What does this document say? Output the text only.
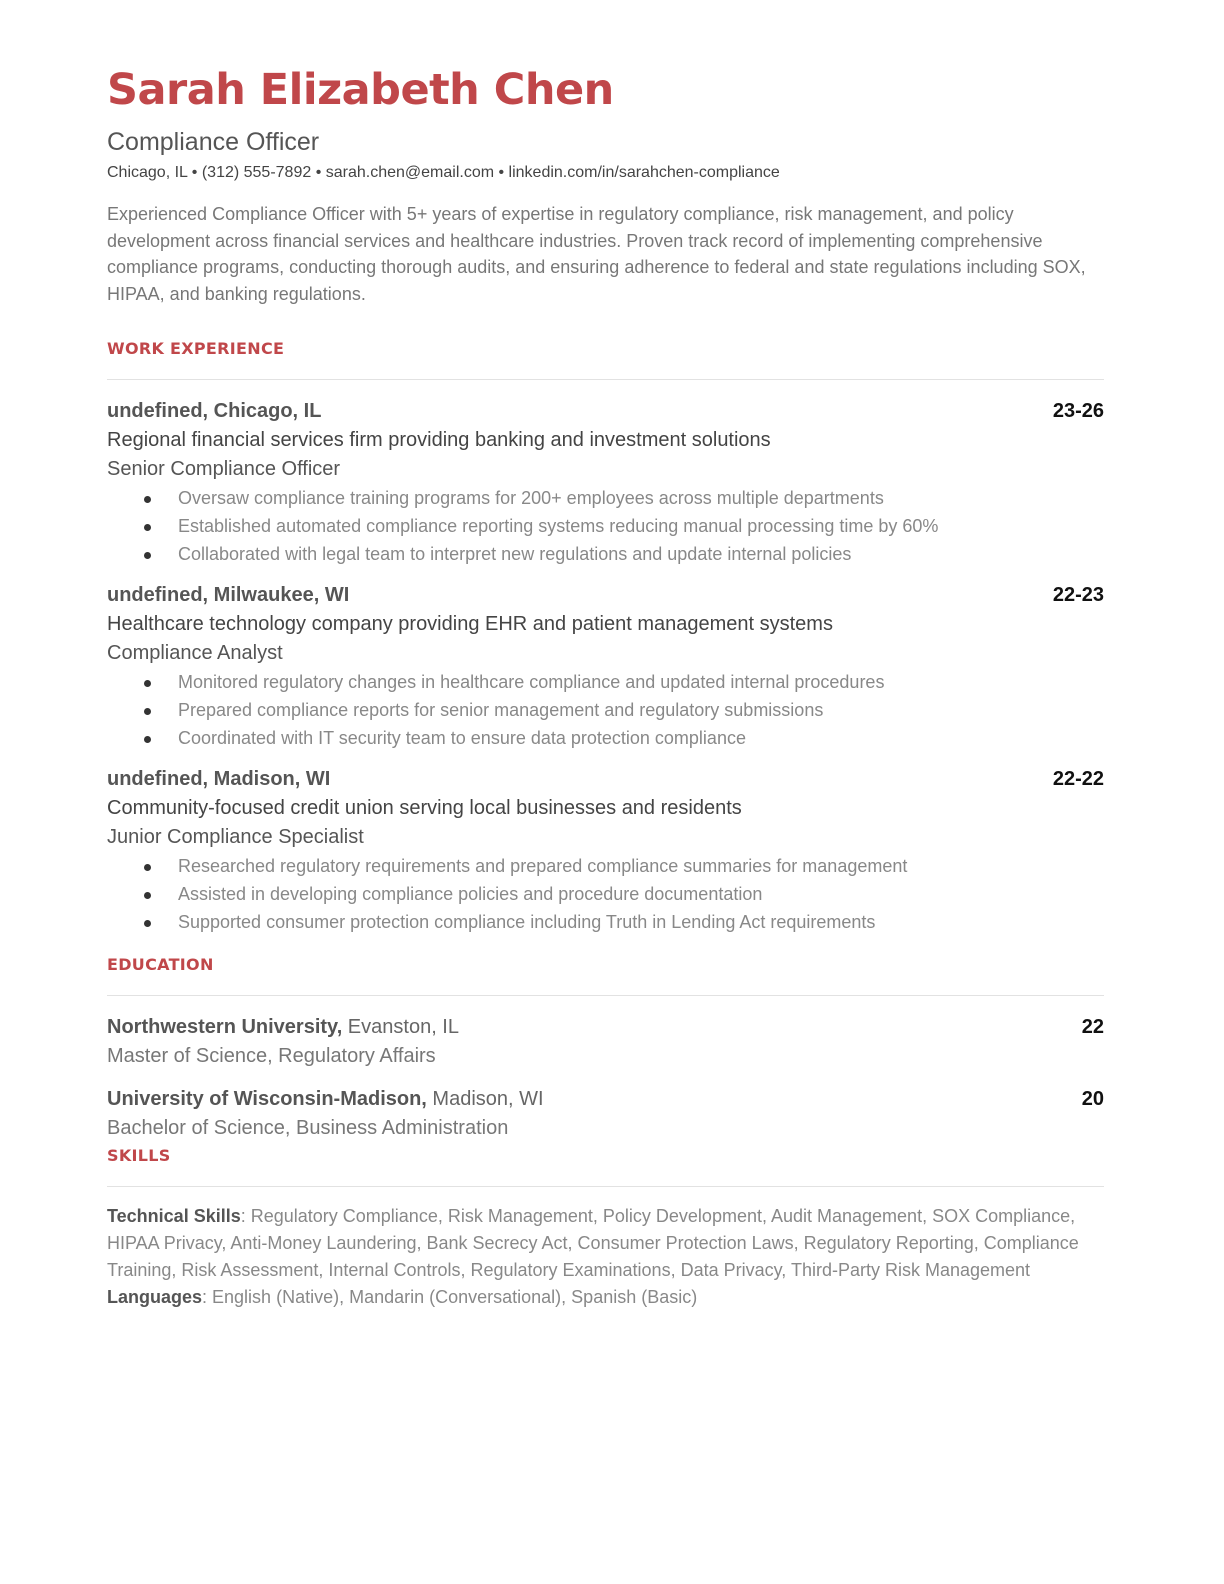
Sarah Elizabeth Chen
Compliance Officer
Chicago, IL • (312) 555-7892 • sarah.chen@email.com • linkedin.com/in/sarahchen-compliance
Experienced Compliance Officer with 5+ years of expertise in regulatory compliance, risk management, and policy development across financial services and healthcare industries. Proven track record of implementing comprehensive compliance programs, conducting thorough audits, and ensuring adherence to federal and state regulations including SOX, HIPAA, and banking regulations.
WORK EXPERIENCE
undefined, Chicago, IL	23-26
Regional financial services firm providing banking and investment solutions
Senior Compliance Officer
Oversaw compliance training programs for 200+ employees across multiple departments
Established automated compliance reporting systems reducing manual processing time by 60%
Collaborated with legal team to interpret new regulations and update internal policies
undefined, Milwaukee, WI	22-23
Healthcare technology company providing EHR and patient management systems
Compliance Analyst
Monitored regulatory changes in healthcare compliance and updated internal procedures
Prepared compliance reports for senior management and regulatory submissions
Coordinated with IT security team to ensure data protection compliance
undefined, Madison, WI	22-22
Community-focused credit union serving local businesses and residents
Junior Compliance Specialist
Researched regulatory requirements and prepared compliance summaries for management
Assisted in developing compliance policies and procedure documentation
Supported consumer protection compliance including Truth in Lending Act requirements
EDUCATION
Northwestern University, Evanston, IL	22
Master of Science, Regulatory Affairs
University of Wisconsin-Madison, Madison, WI	20
Bachelor of Science, Business Administration
SKILLS
Technical Skills: Regulatory Compliance, Risk Management, Policy Development, Audit Management, SOX Compliance, HIPAA Privacy, Anti-Money Laundering, Bank Secrecy Act, Consumer Protection Laws, Regulatory Reporting, Compliance Training, Risk Assessment, Internal Controls, Regulatory Examinations, Data Privacy, Third-Party Risk Management
Languages: English (Native), Mandarin (Conversational), Spanish (Basic)
